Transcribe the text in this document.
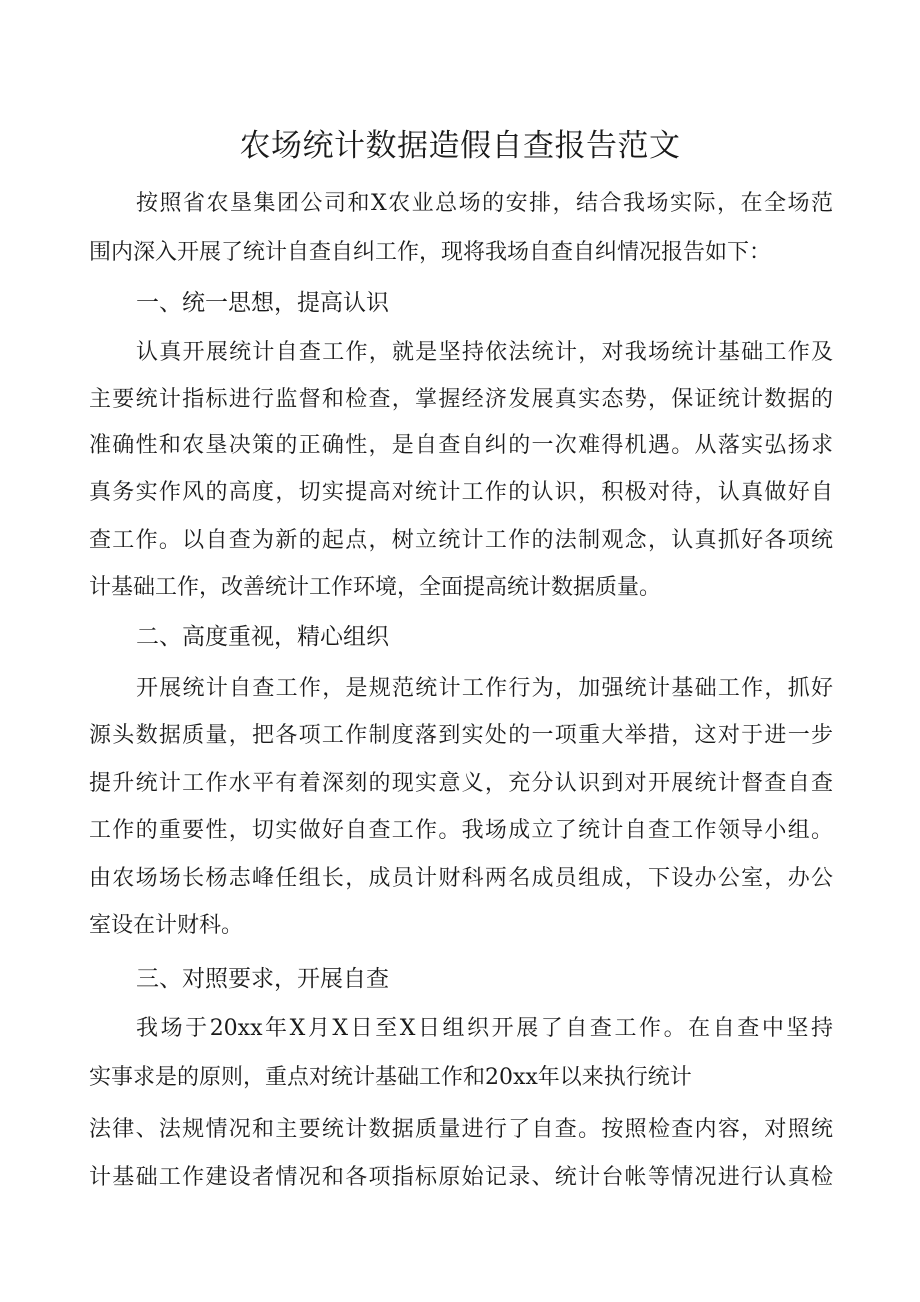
农场统计数据造假自查报告范文
按照省农垦集团公司和X农业总场的安排，结合我场实际，在全场范
围内深入开展了统计自查自纠工作，现将我场自查自纠情况报告如下：
一、统一思想，提高认识
认真开展统计自查工作，就是坚持依法统计，对我场统计基础工作及
主要统计指标进行监督和检查，掌握经济发展真实态势，保证统计数据的
准确性和农垦决策的正确性，是自查自纠的一次难得机遇。从落实弘扬求
真务实作风的高度，切实提高对统计工作的认识，积极对待，认真做好自
查工作。以自查为新的起点，树立统计工作的法制观念，认真抓好各项统
计基础工作，改善统计工作环境，全面提高统计数据质量。
二、高度重视，精心组织
开展统计自查工作，是规范统计工作行为，加强统计基础工作，抓好
源头数据质量，把各项工作制度落到实处的一项重大举措，这对于进一步
提升统计工作水平有着深刻的现实意义，充分认识到对开展统计督查自查
工作的重要性，切实做好自查工作。我场成立了统计自查工作领导小组。
由农场场长杨志峰任组长，成员计财科两名成员组成，下设办公室，办公
室设在计财科。
三、对照要求，开展自查
我场于20xx年X月X日至X日组织开展了自查工作。在自查中坚持
实事求是的原则，重点对统计基础工作和20xx年以来执行统计
法律、法规情况和主要统计数据质量进行了自查。按照检查内容，对照统
计基础工作建设者情况和各项指标原始记录、统计台帐等情况进行认真检
